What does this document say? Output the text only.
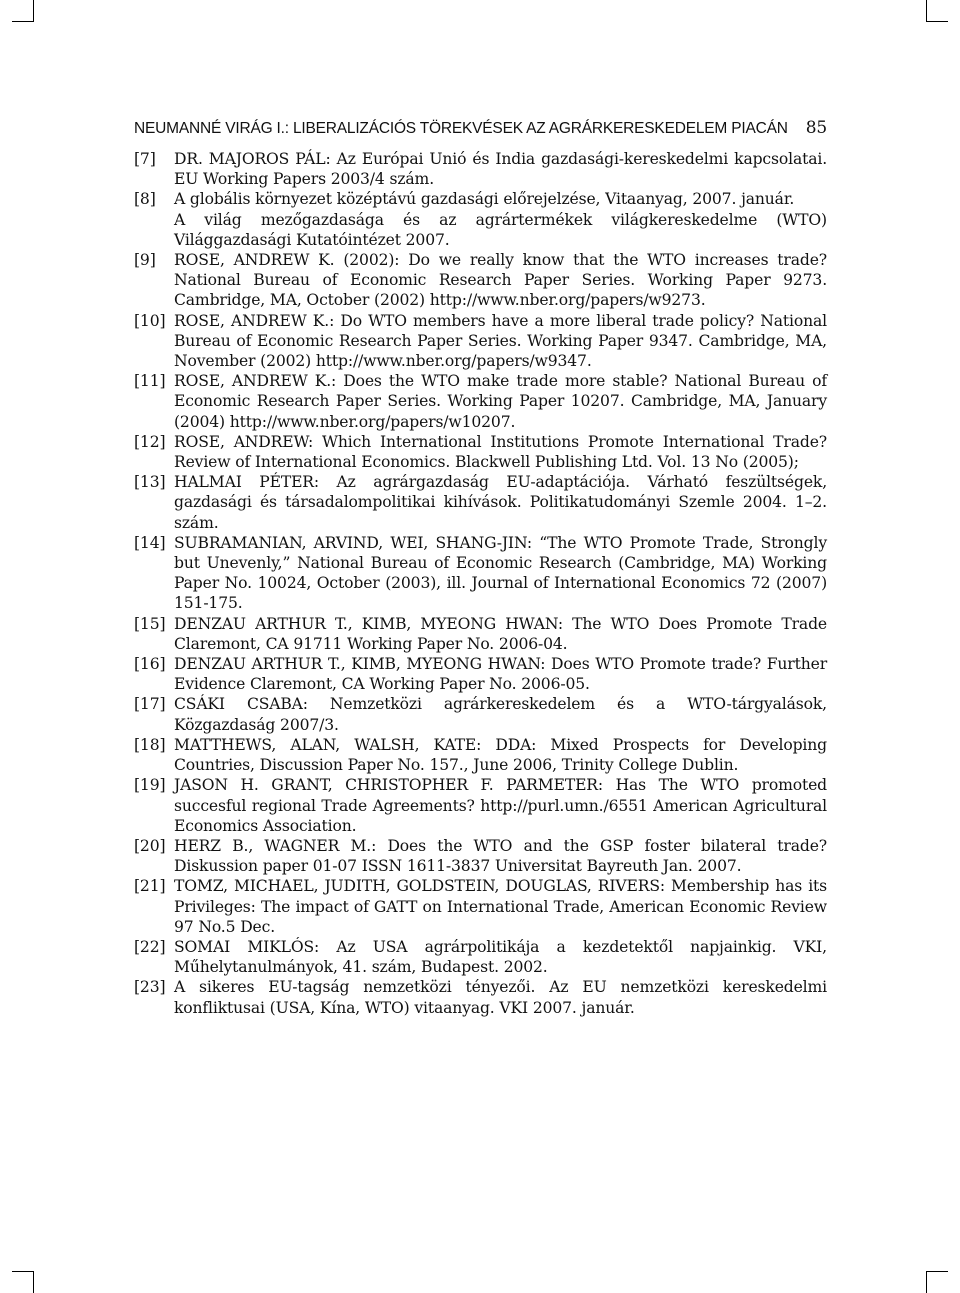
NEUMANNÉ VIRÁG I.: LIBERALIZÁCIÓS TÖREKVÉSEK AZ AGRÁRKERESKEDELEM PIACÁN 85
[7] DR. MAJOROS PÁL: Az Európai Unió és India gazdasági-kereskedelmi kapcsolatai. EU Working Papers 2003/4 szám.
[8] A globális környezet középtávú gazdasági előrejelzése, Vitaanyag, 2007. január.
A világ mezőgazdasága és az agrártermékek világkereskedelme (WTO) Világgazdasági Kutatóintézet 2007.
[9] ROSE, ANDREW K. (2002): Do we really know that the WTO increases trade? National Bureau of Economic Research Paper Series. Working Paper 9273. Cambridge, MA, October (2002) http://www.nber.org/papers/w9273.
[10] ROSE, ANDREW K.: Do WTO members have a more liberal trade policy? National Bureau of Economic Research Paper Series. Working Paper 9347. Cambridge, MA, November (2002) http://www.nber.org/papers/w9347.
[11] ROSE, ANDREW K.: Does the WTO make trade more stable? National Bureau of Economic Research Paper Series. Working Paper 10207. Cambridge, MA, January (2004) http://www.nber.org/papers/w10207.
[12] ROSE, ANDREW: Which International Institutions Promote International Trade? Review of International Economics. Blackwell Publishing Ltd. Vol. 13 No (2005);
[13] HALMAI PÉTER: Az agrárgazdaság EU-adaptációja. Várható feszültségek, gazdasági és társadalompolitikai kihívások. Politikatudományi Szemle 2004. 1–2. szám.
[14] SUBRAMANIAN, ARVIND, WEI, SHANG-JIN: “The WTO Promote Trade, Strongly but Unevenly,” National Bureau of Economic Research (Cambridge, MA) Working Paper No. 10024, October (2003), ill. Journal of International Economics 72 (2007) 151-175.
[15] DENZAU ARTHUR T., KIMB, MYEONG HWAN: The WTO Does Promote Trade Claremont, CA 91711 Working Paper No. 2006-04.
[16] DENZAU ARTHUR T., KIMB, MYEONG HWAN: Does WTO Promote trade? Further Evidence Claremont, CA Working Paper No. 2006-05.
[17] CSÁKI CSABA: Nemzetközi agrárkereskedelem és a WTO-tárgyalások, Közgazdaság 2007/3.
[18] MATTHEWS, ALAN, WALSH, KATE: DDA: Mixed Prospects for Developing Countries, Discussion Paper No. 157., June 2006, Trinity College Dublin.
[19] JASON H. GRANT, CHRISTOPHER F. PARMETER: Has The WTO promoted succesful regional Trade Agreements? http://purl.umn./6551 American Agricultural Economics Association.
[20] HERZ B., WAGNER M.: Does the WTO and the GSP foster bilateral trade? Diskussion paper 01-07 ISSN 1611-3837 Universitat Bayreuth Jan. 2007.
[21] TOMZ, MICHAEL, JUDITH, GOLDSTEIN, DOUGLAS, RIVERS: Membership has its Privileges: The impact of GATT on International Trade, American Economic Review 97 No.5 Dec.
[22] SOMAI MIKLÓS: Az USA agrárpolitikája a kezdetektől napjainkig. VKI, Műhelytanulmányok, 41. szám, Budapest. 2002.
[23] A sikeres EU-tagság nemzetközi tényezői. Az EU nemzetközi kereskedelmi konfliktusai (USA, Kína, WTO) vitaanyag. VKI 2007. január.
